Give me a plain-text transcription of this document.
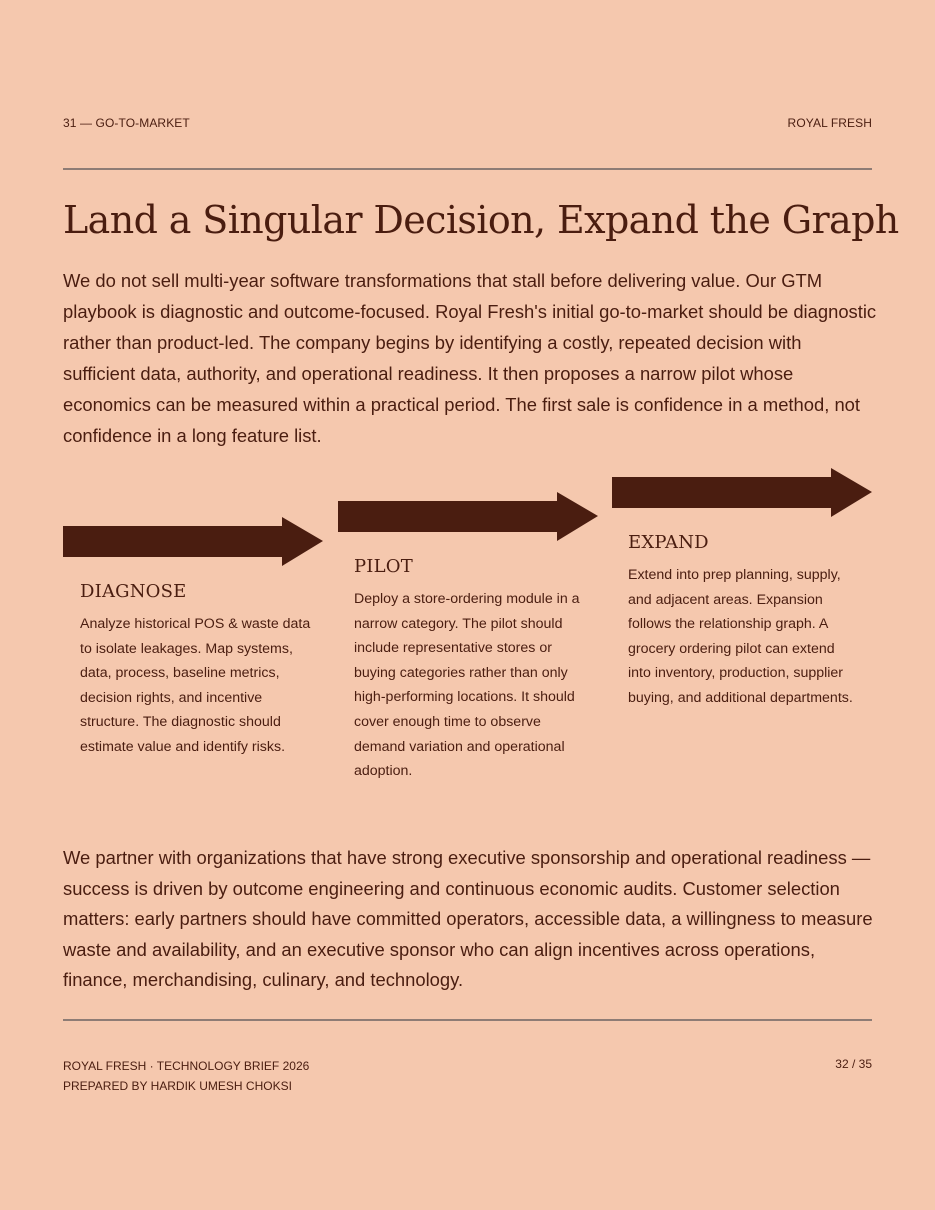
31 — GO-TO-MARKET	ROYAL FRESH
Land a Singular Decision, Expand the Graph

We do not sell multi-year software transformations that stall before delivering value. Our GTM playbook is diagnostic and outcome-focused. Royal Fresh's initial go-to-market should be diagnostic rather than product-led. The company begins by identifying a costly, repeated decision with sufficient data, authority, and operational readiness. It then proposes a narrow pilot whose economics can be measured within a practical period. The first sale is confidence in a method, not confidence in a long feature list.

DIAGNOSE

Analyze historical POS & waste data to isolate leakages. Map systems, data, process, baseline metrics, decision rights, and incentive structure. The diagnostic should estimate value and identify risks.

PILOT

Deploy a store-ordering module in a narrow category. The pilot should include representative stores or buying categories rather than only high-performing locations. It should cover enough time to observe demand variation and operational adoption.

EXPAND

Extend into prep planning, supply, and adjacent areas. Expansion follows the relationship graph. A grocery ordering pilot can extend into inventory, production, supplier buying, and additional departments.

We partner with organizations that have strong executive sponsorship and operational readiness — success is driven by outcome engineering and continuous economic audits. Customer selection matters: early partners should have committed operators, accessible data, a willingness to measure waste and availability, and an executive sponsor who can align incentives across operations, finance, merchandising, culinary, and technology.

ROYAL FRESH · TECHNOLOGY BRIEF 2026
PREPARED BY HARDIK UMESH CHOKSI
32 / 35
